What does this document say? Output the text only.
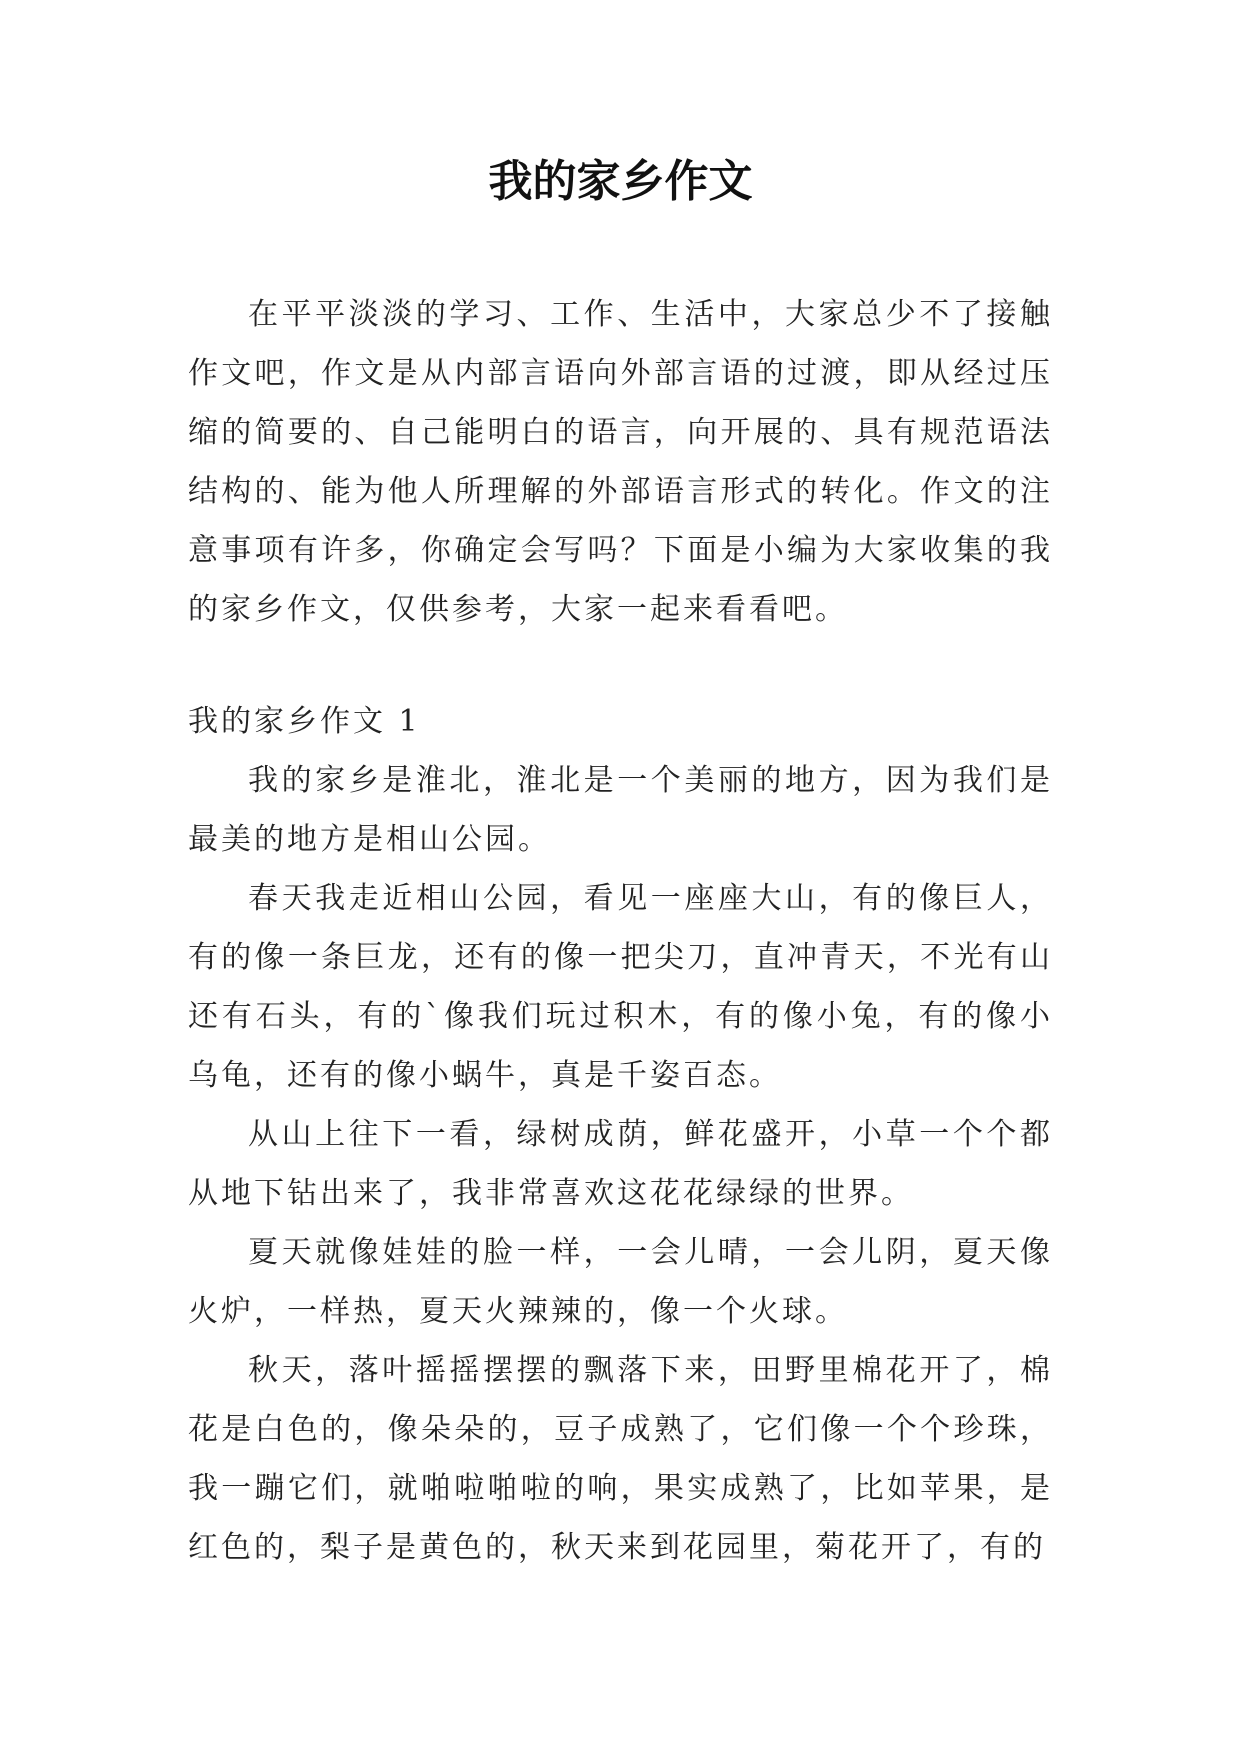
我的家乡作文

在平平淡淡的学习、工作、生活中，大家总少不了接触作文吧，作文是从内部言语向外部言语的过渡，即从经过压缩的简要的、自己能明白的语言，向开展的、具有规范语法结构的、能为他人所理解的外部语言形式的转化。作文的注意事项有许多，你确定会写吗？下面是小编为大家收集的我的家乡作文，仅供参考，大家一起来看看吧。

我的家乡作文 1

我的家乡是淮北，淮北是一个美丽的地方，因为我们是最美的地方是相山公园。

春天我走近相山公园，看见一座座大山，有的像巨人，有的像一条巨龙，还有的像一把尖刀，直冲青天，不光有山还有石头，有的`像我们玩过积木，有的像小兔，有的像小乌龟，还有的像小蜗牛，真是千姿百态。

从山上往下一看，绿树成荫，鲜花盛开，小草一个个都从地下钻出来了，我非常喜欢这花花绿绿的世界。

夏天就像娃娃的脸一样，一会儿晴，一会儿阴，夏天像火炉，一样热，夏天火辣辣的，像一个火球。

秋天，落叶摇摇摆摆的飘落下来，田野里棉花开了，棉花是白色的，像朵朵的，豆子成熟了，它们像一个个珍珠，我一蹦它们，就啪啦啪啦的响，果实成熟了，比如苹果，是红色的，梨子是黄色的，秋天来到花园里，菊花开了，有的
